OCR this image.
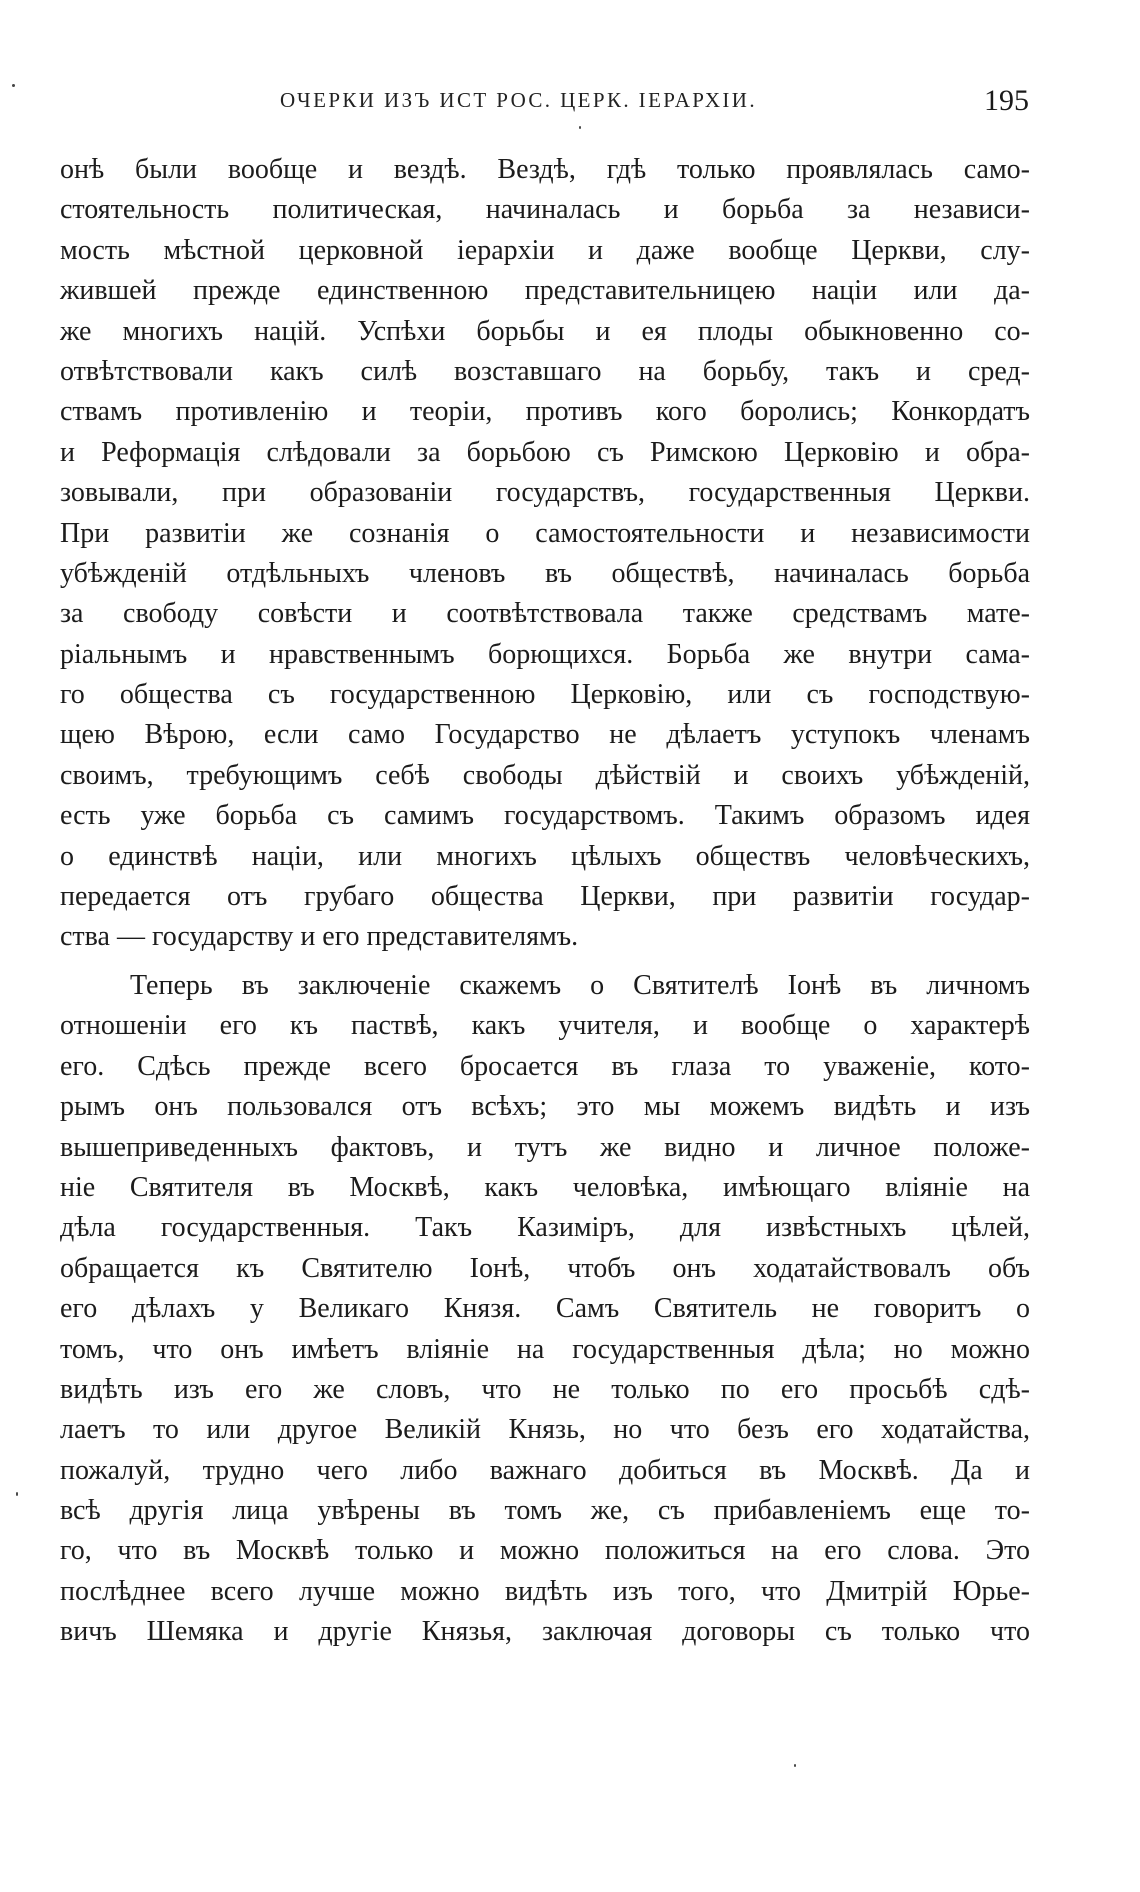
ОЧЕРКИ ИЗЪ ИСТ РОС. ЦЕРК. ІЕРАРХІИ.	195
онѣ были вообще и вездѣ. Вездѣ, гдѣ только проявлялась само-
стоятельность политическая, начиналась и борьба за независи-
мость мѣстной церковной іерархіи и даже вообще Церкви, слу-
жившей прежде единственною представительницею націи или да-
же многихъ націй. Успѣхи борьбы и ея плоды обыкновенно со-
отвѣтствовали какъ силѣ возставшаго на борьбу, такъ и сред-
ствамъ противленію и теоріи, противъ кого боролись; Конкордатъ
и Реформація слѣдовали за борьбою съ Римскою Церковію и обра-
зовывали, при образованіи государствъ, государственныя Церкви.
При развитіи же сознанія о самостоятельности и независимости
убѣжденій отдѣльныхъ членовъ въ обществѣ, начиналась борьба
за свободу совѣсти и соотвѣтствовала также средствамъ мате-
ріальнымъ и нравственнымъ борющихся. Борьба же внутри сама-
го общества съ государственною Церковію, или съ господствую-
щею Вѣрою, если само Государство не дѣлаетъ уступокъ членамъ
своимъ, требующимъ себѣ свободы дѣйствій и своихъ убѣжденій,
есть уже борьба съ самимъ государствомъ. Такимъ образомъ идея
о единствѣ націи, или многихъ цѣлыхъ обществъ человѣческихъ,
передается отъ грубаго общества Церкви, при развитіи государ-
ства — государству и его представителямъ.
Теперь въ заключеніе скажемъ о Святителѣ Іонѣ въ личномъ
отношеніи его къ паствѣ, какъ учителя, и вообще о характерѣ
его. Сдѣсь прежде всего бросается въ глаза то уваженіе, кото-
рымъ онъ пользовался отъ всѣхъ; это мы можемъ видѣть и изъ
вышеприведенныхъ фактовъ, и тутъ же видно и личное положе-
ніе Святителя въ Москвѣ, какъ человѣка, имѣющаго вліяніе на
дѣла государственныя. Такъ Казиміръ, для извѣстныхъ цѣлей,
обращается къ Святителю Іонѣ, чтобъ онъ ходатайствовалъ объ
его дѣлахъ у Великаго Князя. Самъ Святитель не говоритъ о
томъ, что онъ имѣетъ вліяніе на государственныя дѣла; но можно
видѣть изъ его же словъ, что не только по его просьбѣ сдѣ-
лаетъ то или другое Великій Князь, но что безъ его ходатайства,
пожалуй, трудно чего либо важнаго добиться въ Москвѣ. Да и
всѣ другія лица увѣрены въ томъ же, съ прибавленіемъ еще то-
го, что въ Москвѣ только и можно положиться на его слова. Это
послѣднее всего лучше можно видѣть изъ того, что Дмитрій Юрье-
вичъ Шемяка и другіе Князья, заключая договоры съ только что
